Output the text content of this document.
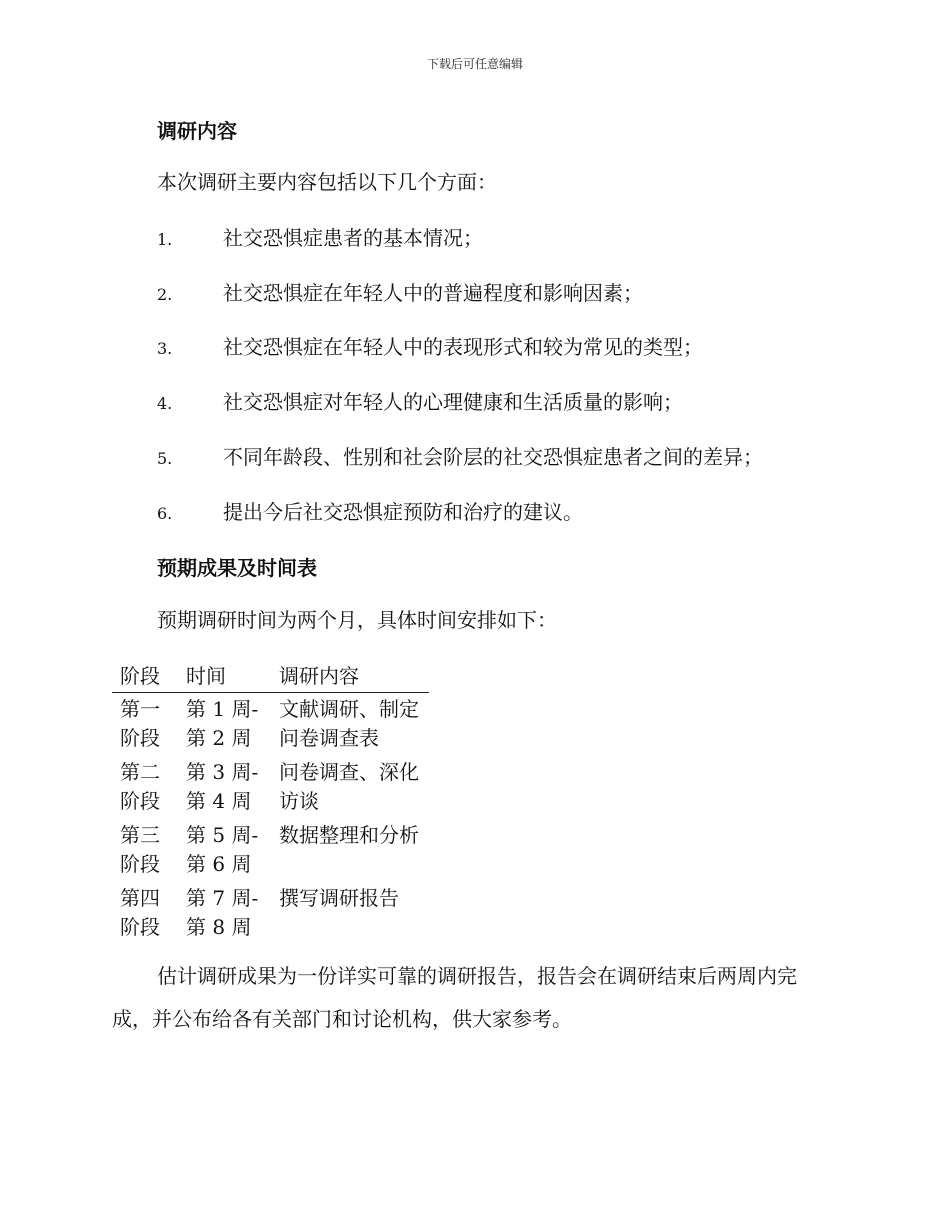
下载后可任意编辑
调研内容
本次调研主要内容包括以下几个方面：
1.	社交恐惧症患者的基本情况；
2.	社交恐惧症在年轻人中的普遍程度和影响因素；
3.	社交恐惧症在年轻人中的表现形式和较为常见的类型；
4.	社交恐惧症对年轻人的心理健康和生活质量的影响；
5.	不同年龄段、性别和社会阶层的社交恐惧症患者之间的差异；
6.	提出今后社交恐惧症预防和治疗的建议。
预期成果及时间表
预期调研时间为两个月，具体时间安排如下：
阶段	时间	调研内容
第一阶段	第 1 周-第 2 周	文献调研、制定问卷调查表
第二阶段	第 3 周-第 4 周	问卷调查、深化访谈
第三阶段	第 5 周-第 6 周	数据整理和分析
第四阶段	第 7 周-第 8 周	撰写调研报告
估计调研成果为一份详实可靠的调研报告，报告会在调研结束后两周内完成，并公布给各有关部门和讨论机构，供大家参考。
